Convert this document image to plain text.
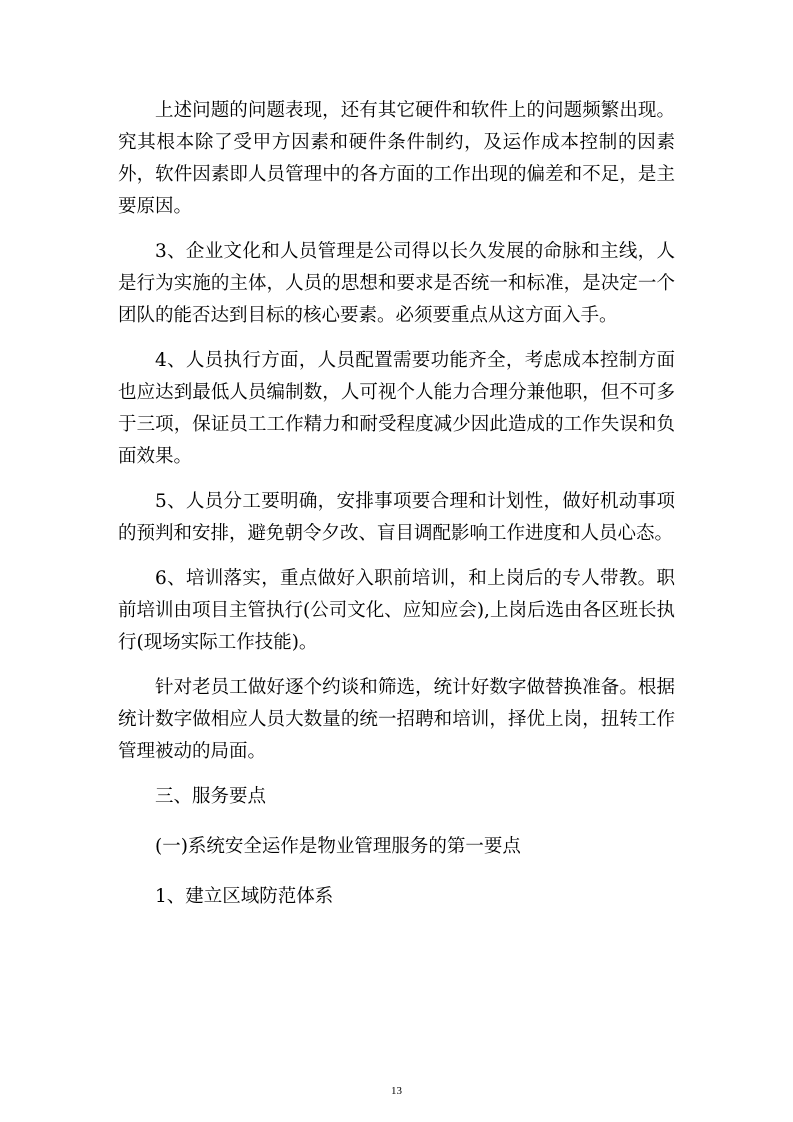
上述问题的问题表现，还有其它硬件和软件上的问题频繁出现。究其根本除了受甲方因素和硬件条件制约，及运作成本控制的因素外，软件因素即人员管理中的各方面的工作出现的偏差和不足，是主要原因。

3、企业文化和人员管理是公司得以长久发展的命脉和主线，人是行为实施的主体，人员的思想和要求是否统一和标准，是决定一个团队的能否达到目标的核心要素。必须要重点从这方面入手。

4、人员执行方面，人员配置需要功能齐全，考虑成本控制方面也应达到最低人员编制数，人可视个人能力合理分兼他职，但不可多于三项，保证员工工作精力和耐受程度减少因此造成的工作失误和负面效果。

5、人员分工要明确，安排事项要合理和计划性，做好机动事项的预判和安排，避免朝令夕改、盲目调配影响工作进度和人员心态。

6、培训落实，重点做好入职前培训，和上岗后的专人带教。职前培训由项目主管执行(公司文化、应知应会),上岗后选由各区班长执行(现场实际工作技能)。

针对老员工做好逐个约谈和筛选，统计好数字做替换准备。根据统计数字做相应人员大数量的统一招聘和培训，择优上岗，扭转工作管理被动的局面。

三、服务要点

(一)系统安全运作是物业管理服务的第一要点

1、建立区域防范体系

13
